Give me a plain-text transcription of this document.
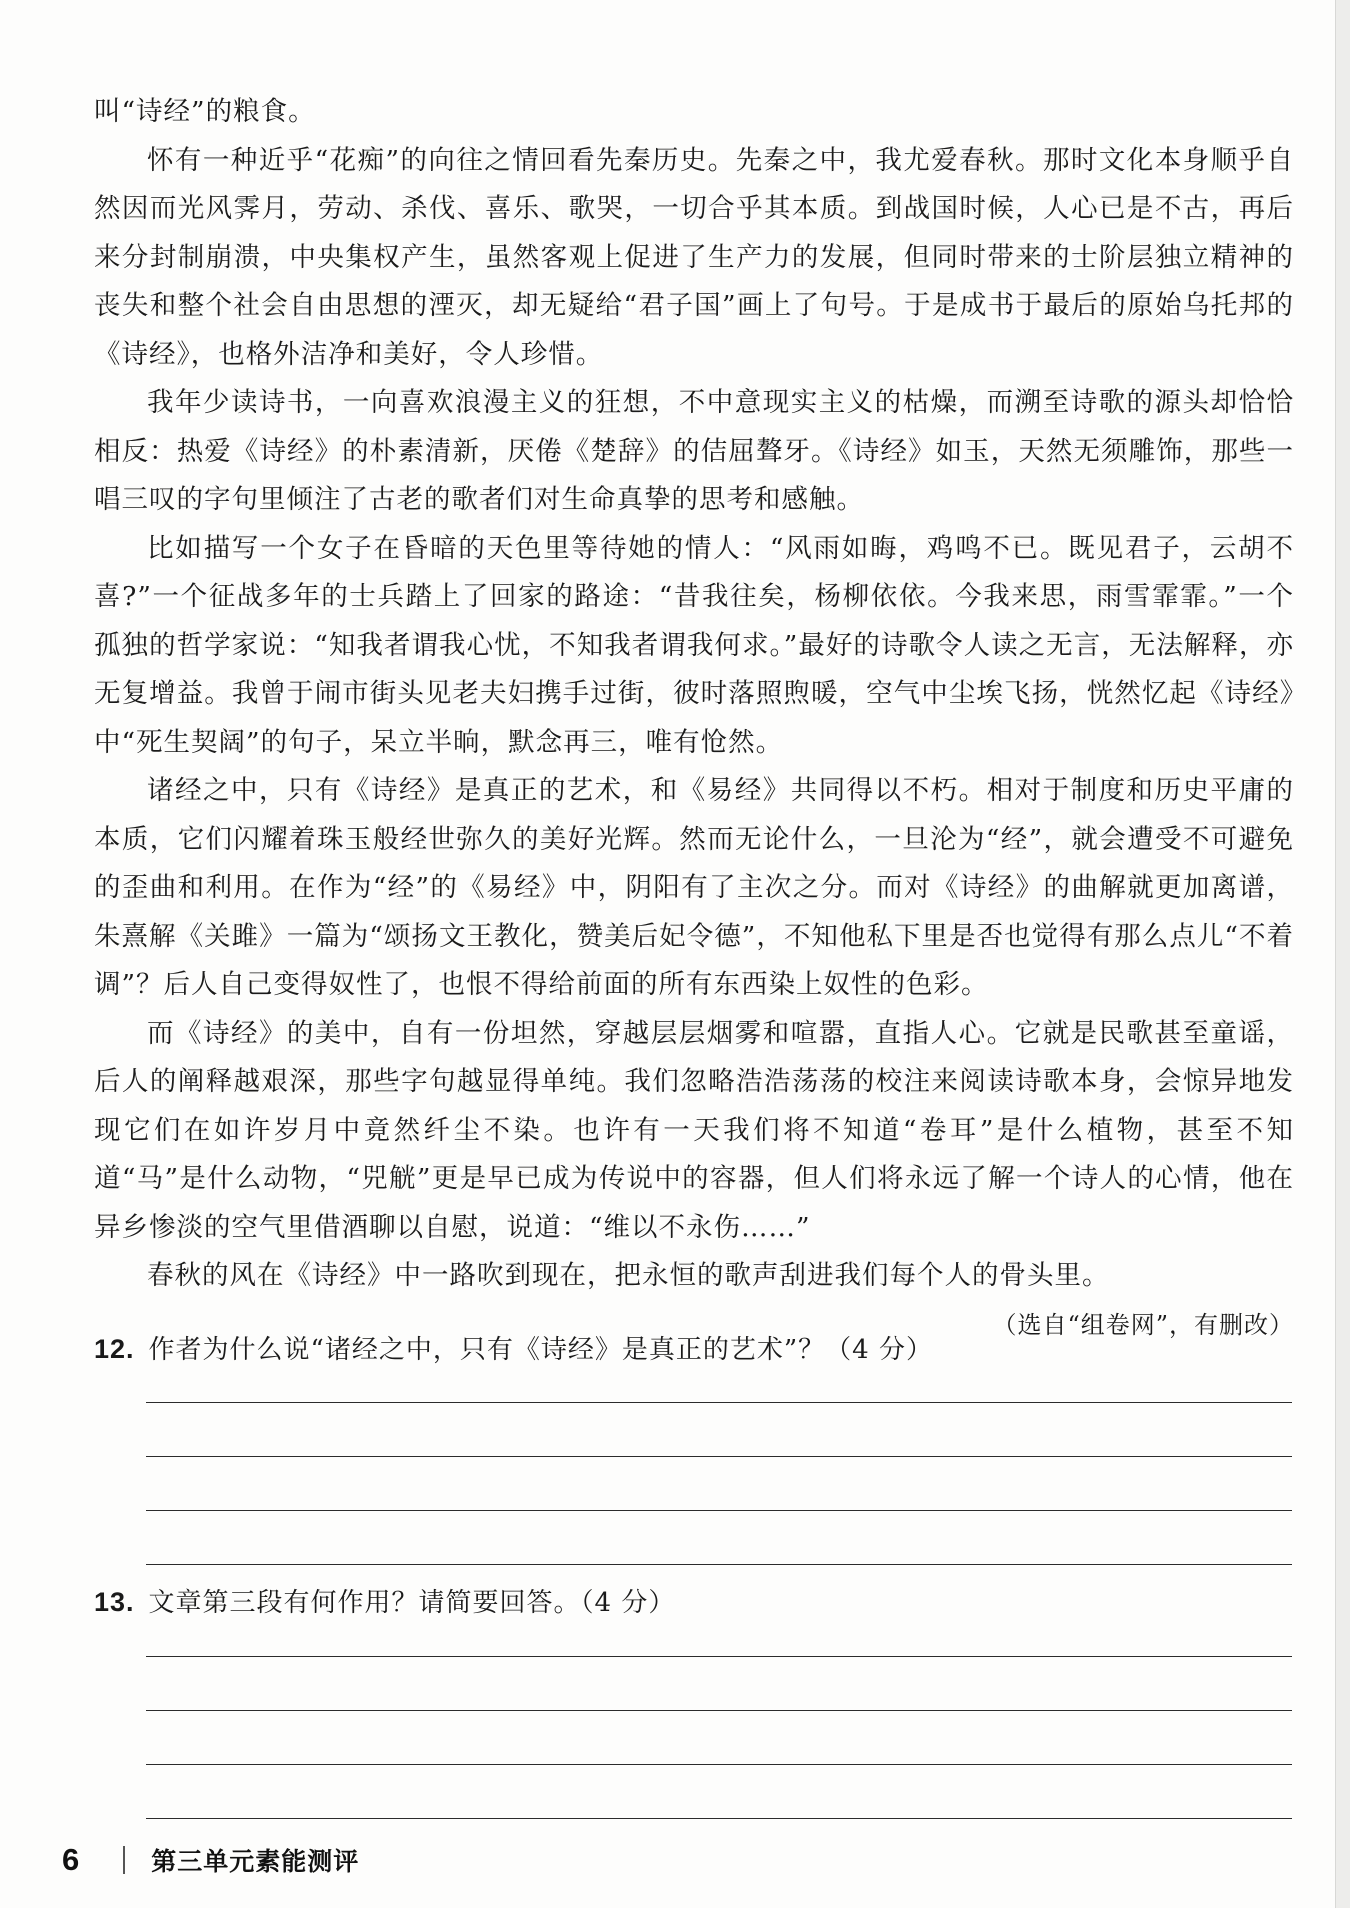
叫“诗经”的粮食。

怀有一种近乎“花痴”的向往之情回看先秦历史。先秦之中，我尤爱春秋。那时文化本身顺乎自然因而光风霁月，劳动、杀伐、喜乐、歌哭，一切合乎其本质。到战国时候，人心已是不古，再后来分封制崩溃，中央集权产生，虽然客观上促进了生产力的发展，但同时带来的士阶层独立精神的丧失和整个社会自由思想的湮灭，却无疑给“君子国”画上了句号。于是成书于最后的原始乌托邦的《诗经》，也格外洁净和美好，令人珍惜。

我年少读诗书，一向喜欢浪漫主义的狂想，不中意现实主义的枯燥，而溯至诗歌的源头却恰恰相反：热爱《诗经》的朴素清新，厌倦《楚辞》的佶屈聱牙。《诗经》如玉，天然无须雕饰，那些一唱三叹的字句里倾注了古老的歌者们对生命真挚的思考和感触。

比如描写一个女子在昏暗的天色里等待她的情人：“风雨如晦，鸡鸣不已。既见君子，云胡不喜?”一个征战多年的士兵踏上了回家的路途：“昔我往矣，杨柳依依。今我来思，雨雪霏霏。”一个孤独的哲学家说：“知我者谓我心忧，不知我者谓我何求。”最好的诗歌令人读之无言，无法解释，亦无复增益。我曾于闹市街头见老夫妇携手过街，彼时落照煦暖，空气中尘埃飞扬，恍然忆起《诗经》中“死生契阔”的句子，呆立半晌，默念再三，唯有怆然。

诸经之中，只有《诗经》是真正的艺术，和《易经》共同得以不朽。相对于制度和历史平庸的本质，它们闪耀着珠玉般经世弥久的美好光辉。然而无论什么，一旦沦为“经”，就会遭受不可避免的歪曲和利用。在作为“经”的《易经》中，阴阳有了主次之分。而对《诗经》的曲解就更加离谱，朱熹解《关雎》一篇为“颂扬文王教化，赞美后妃令德”，不知他私下里是否也觉得有那么点儿“不着调”？后人自己变得奴性了，也恨不得给前面的所有东西染上奴性的色彩。

而《诗经》的美中，自有一份坦然，穿越层层烟雾和喧嚣，直指人心。它就是民歌甚至童谣，后人的阐释越艰深，那些字句越显得单纯。我们忽略浩浩荡荡的校注来阅读诗歌本身，会惊异地发现它们在如许岁月中竟然纤尘不染。也许有一天我们将不知道“卷耳”是什么植物，甚至不知道“马”是什么动物，“兕觥”更是早已成为传说中的容器，但人们将永远了解一个诗人的心情，他在异乡惨淡的空气里借酒聊以自慰，说道：“维以不永伤……”

春秋的风在《诗经》中一路吹到现在，把永恒的歌声刮进我们每个人的骨头里。

（选自“组卷网”，有删改）

12. 作者为什么说“诸经之中，只有《诗经》是真正的艺术”？（4 分）
13. 文章第三段有何作用？请简要回答。（4 分）
6	第三单元素能测评
